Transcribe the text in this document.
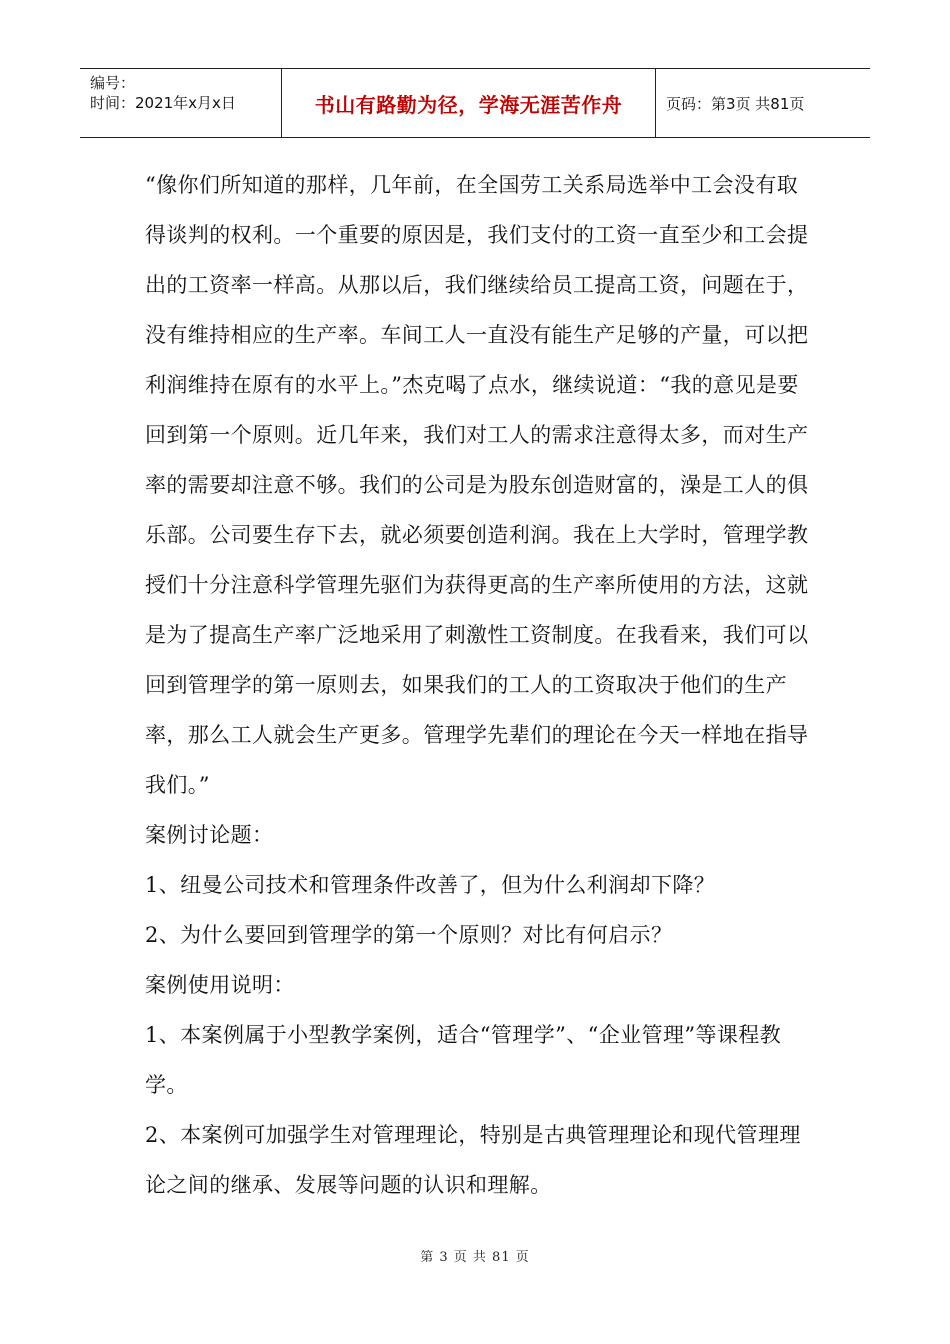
编号：
时间：2021年x月x日	书山有路勤为径，学海无涯苦作舟	页码：第3页 共81页

“像你们所知道的那样，几年前，在全国劳工关系局选举中工会没有取得谈判的权利。一个重要的原因是，我们支付的工资一直至少和工会提出的工资率一样高。从那以后，我们继续给员工提高工资，问题在于，没有维持相应的生产率。车间工人一直没有能生产足够的产量，可以把利润维持在原有的水平上。”杰克喝了点水，继续说道：“我的意见是要回到第一个原则。近几年来，我们对工人的需求注意得太多，而对生产率的需要却注意不够。我们的公司是为股东创造财富的，澡是工人的俱乐部。公司要生存下去，就必须要创造利润。我在上大学时，管理学教授们十分注意科学管理先驱们为获得更高的生产率所使用的方法，这就是为了提高生产率广泛地采用了刺激性工资制度。在我看来，我们可以回到管理学的第一原则去，如果我们的工人的工资取决于他们的生产率，那么工人就会生产更多。管理学先辈们的理论在今天一样地在指导我们。”

案例讨论题：

1、纽曼公司技术和管理条件改善了，但为什么利润却下降？

2、为什么要回到管理学的第一个原则？对比有何启示？

案例使用说明：

1、本案例属于小型教学案例，适合“管理学”、“企业管理”等课程教学。

2、本案例可加强学生对管理理论，特别是古典管理理论和现代管理理论之间的继承、发展等问题的认识和理解。

第 3 页 共 81 页
